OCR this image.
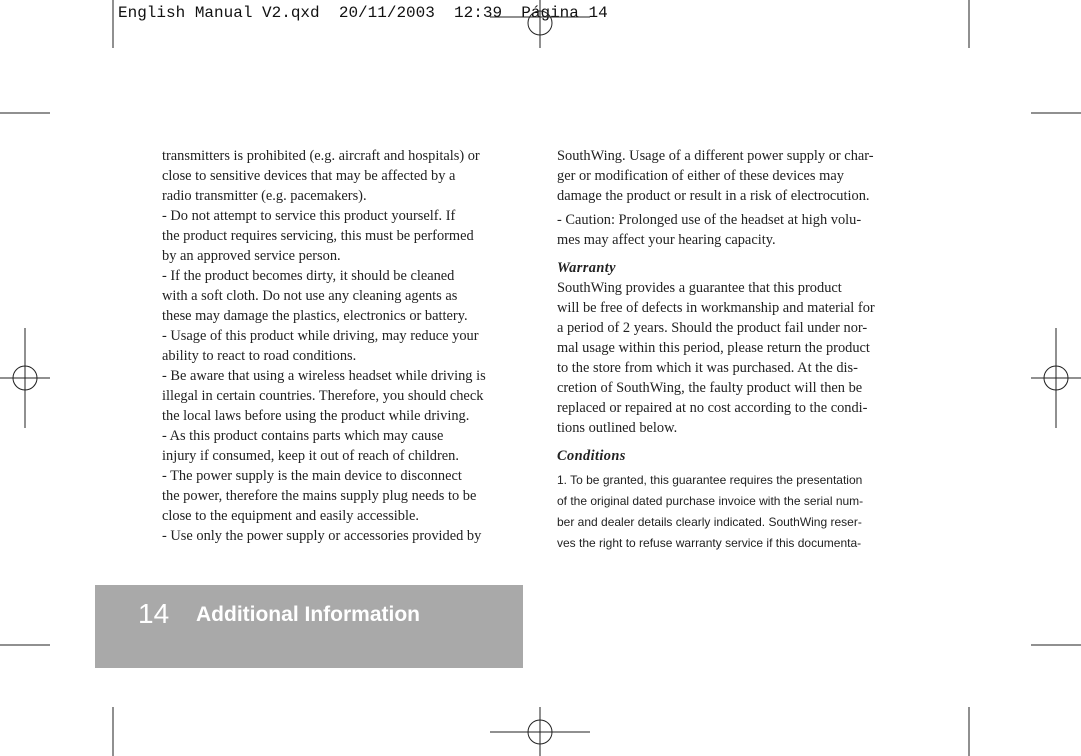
English Manual V2.qxd  20/11/2003  12:39  Página 14
transmitters is prohibited (e.g. aircraft and hospitals) or
close to sensitive devices that may be affected by a
radio transmitter (e.g. pacemakers).
- Do not attempt to service this product yourself. If
the product requires servicing, this must be performed
by an approved service person.
- If the product becomes dirty, it should be cleaned
with a soft cloth. Do not use any cleaning agents as
these may damage the plastics, electronics or battery.
- Usage of this product while driving, may reduce your
ability to react to road conditions.
- Be aware that using a wireless headset while driving is
illegal in certain countries. Therefore, you should check
the local laws before using the product while driving.
- As this product contains parts which may cause
injury if consumed, keep it out of reach of children.
- The power supply is the main device to disconnect
the power, therefore the mains supply plug needs to be
close to the equipment and easily accessible.
- Use only the power supply or accessories provided by
SouthWing. Usage of a different power supply or char-
ger or modification of either of these devices may
damage the product or result in a risk of electrocution.
- Caution: Prolonged use of the headset at high volu-
mes may affect your hearing capacity.
Warranty
SouthWing provides a guarantee that this product
will be free of defects in workmanship and material for
a period of 2 years. Should the product fail under nor-
mal usage within this period, please return the product
to the store from which it was purchased. At the dis-
cretion of SouthWing, the faulty product will then be
replaced or repaired at no cost according to the condi-
tions outlined below.
Conditions
1. To be granted, this guarantee requires the presentation
of the original dated purchase invoice with the serial num-
ber and dealer details clearly indicated. SouthWing reser-
ves the right to refuse warranty service if this documenta-
14 Additional Information
